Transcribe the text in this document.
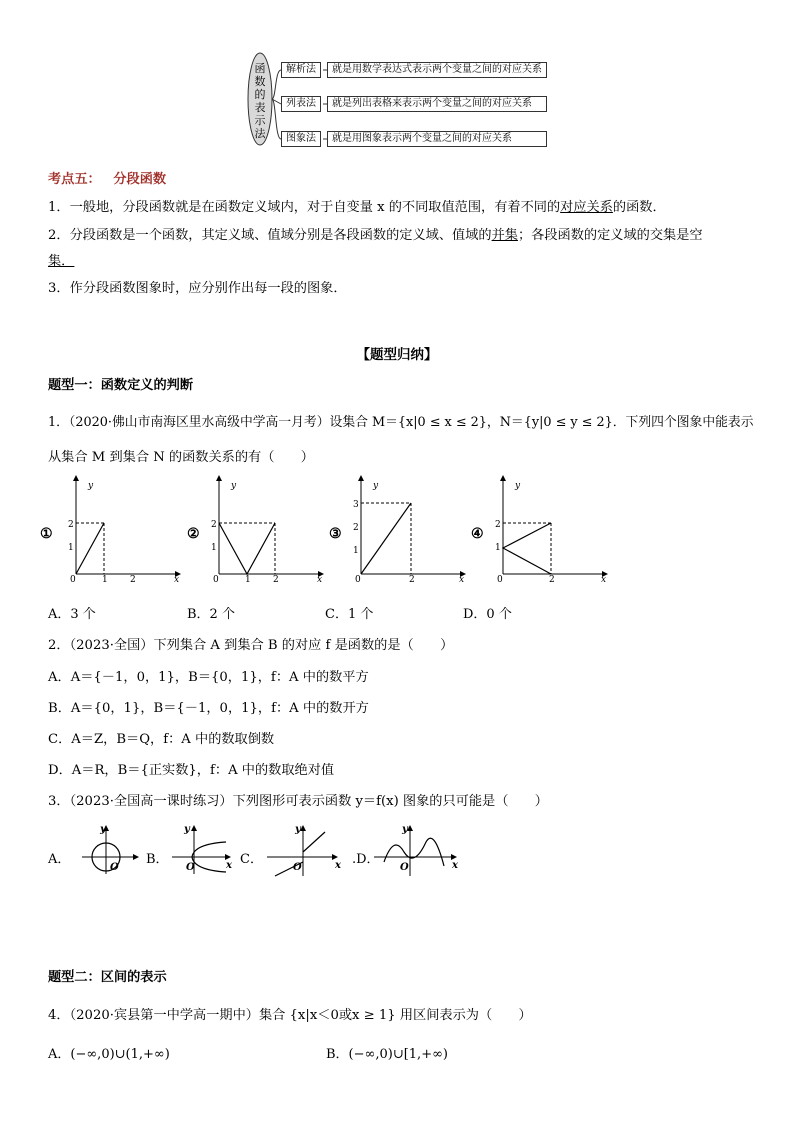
函数的表示法
解析法	就是用数学表达式表示两个变量之间的对应关系
列表法	就是列出表格来表示两个变量之间的对应关系
图象法	就是用图象表示两个变量之间的对应关系
考点五： 分段函数
1．一般地，分段函数就是在函数定义域内，对于自变量 x 的不同取值范围，有着不同的对应关系的函数．
2．分段函数是一个函数，其定义域、值域分别是各段函数的定义域、值域的并集；各段函数的定义域的交集是空
集．
3．作分段函数图象时，应分别作出每一段的图象．
【题型归纳】
题型一：函数定义的判断
1．（2020·佛山市南海区里水高级中学高一月考）设集合 M＝{x|0 ≤ x ≤ 2}，N＝{y|0 ≤ y ≤ 2}．下列四个图象中能表示
从集合 M 到集合 N 的函数关系的有（　　）
y
2
1
0	1 2	x
①
y
2
1
0	1 2	x
②
y
3
2
1
0	2	x
③
y
2
1
0	2	x
④
A．3 个	B．2 个	C．1 个	D．0 个
2．（2023·全国）下列集合 A 到集合 B 的对应 f 是函数的是（　　）
A．A＝{－1，0，1}，B＝{0，1}，f：A 中的数平方
B．A＝{0，1}，B＝{－1，0，1}，f：A 中的数开方
C．A＝Z，B＝Q，f：A 中的数取倒数
D．A＝R，B＝{正实数}，f：A 中的数取绝对值
3．（2023·全国高一课时练习）下列图形可表示函数 y＝f(x) 图象的只可能是（　　）
A．	B．	C．	.D．
y
O
y
O	x
y
O	x
y
O	x
题型二：区间的表示
4．（2020·宾县第一中学高一期中）集合 {x|x＜0或x ≥ 1} 用区间表示为（　　）
A．(−∞,0)∪(1,+∞)	B．(−∞,0)∪[1,+∞)
